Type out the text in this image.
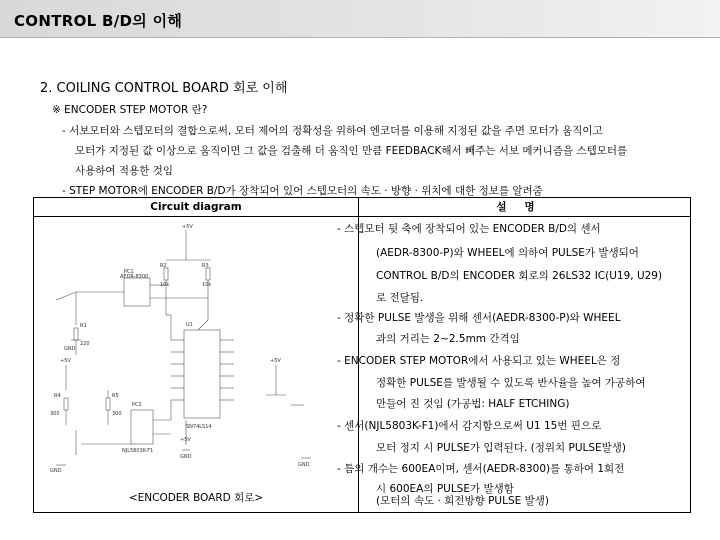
CONTROL B/D의 이해
2. COILING CONTROL BOARD 회로 이해
※ ENCODER STEP MOTOR 란?
- 서보모터와 스텝모터의 결합으로써, 모터 제어의 정확성을 위하여 엔코더를 이용해 지정된 값을 주면 모터가 움직이고
모터가 지정된 값 이상으로 움직이면 그 값을 검출해 더 움직인 만큼 FEEDBACK해서 빼주는 서보 메커니즘을 스텝모터를
사용하여 적용한 것임
- STEP MOTOR에 ENCODER B/D가 장착되어 있어 스텝모터의 속도 · 방향 · 위치에 대한 정보를 알려줌
Circuit diagram	설명
+5V
R2
10k
R3
10k
PC1
AEDR-8300
R1
220
+5V
R4
300
R5
300
U1
SN74LS14
+5V
PC2
NJL5803K-F1
+5V
GND
GND
GND
GND
<ENCODER BOARD 회로>
- 스텝모터 뒷 축에 장착되어 있는 ENCODER B/D의 센서
(AEDR-8300-P)와 WHEEL에 의하여 PULSE가 발생되어
CONTROL B/D의 ENCODER 회로의 26LS32 IC(U19, U29)
로 전달됨.
- 정확한 PULSE 발생을 위해 센서(AEDR-8300-P)와 WHEEL
과의 거리는 2~2.5mm 간격임
- ENCODER STEP MOTOR에서 사용되고 있는 WHEEL은 정
정확한 PULSE를 발생될 수 있도록 반사율을 높여 가공하여
만들어 진 것임 (가공법: HALF ETCHING)
- 센서(NJL5803K-F1)에서 감지함으로써 U1 15번 핀으로
모터 정지 시 PULSE가 입력된다. (정위치 PULSE발생)
- 틈의 개수는 600EA이며, 센서(AEDR-8300)를 통하여 1회전
시 600EA의 PULSE가 발생함
(모터의 속도 · 회전방향 PULSE 발생)
